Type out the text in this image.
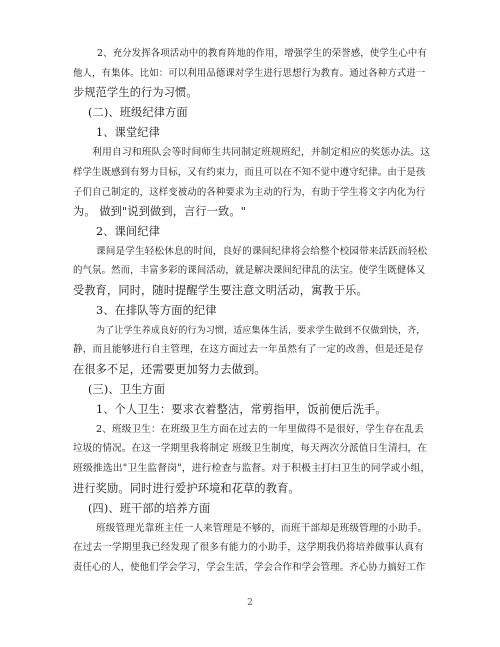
2、充分发挥各项活动中的教育阵地的作用，增强学生的荣誉感，使学生心中有
他人，有集体。比如：可以利用品德课对学生进行思想行为教育。通过各种方式进一
步规范学生的行为习惯。
(二)、班级纪律方面
1、课堂纪律
利用自习和班队会等时间师生共同制定班规班纪，并制定相应的奖惩办法。这
样学生既感到有努力目标，又有约束力，而且可以在不知不觉中遵守纪律。由于是孩
子们自己制定的，这样变被动的各种要求为主动的行为，有助于学生将文字内化为行
为。 做到"说到做到，言行一致。"
2、课间纪律
课间是学生轻松休息的时间，良好的课间纪律将会给整个校园带来活跃而轻松
的气氛。然而，丰富多彩的课间活动，就是解决课间纪律乱的法宝。使学生既健体又
受教育，同时，随时提醒学生要注意文明活动，寓教于乐。
3、在排队等方面的纪律
为了让学生养成良好的行为习惯，适应集体生活，要求学生做到不仅做到快，齐，
静，而且能够进行自主管理，在这方面过去一年虽然有了一定的改善，但是还是存
在很多不足，还需要更加努力去做到。
(三)、卫生方面
1、个人卫生：要求衣着整洁，常剪指甲，饭前便后洗手。
2、班级卫生：在班级卫生方面在过去的一年里做得不是很好，学生存在乱丢
垃圾的情况。在这一学期里我将制定 班级卫生制度，每天两次分派值日生清扫，在
班级推选出"卫生监督岗"，进行检查与监督。对于积极主打扫卫生的同学或小组，
进行奖励。同时进行爱护环境和花草的教育。
(四)、班干部的培养方面
班级管理光靠班主任一人来管理是不够的，而班干部却是班级管理的小助手。
在过去一学期里我已经发现了很多有能力的小助手，这学期我仍将培养做事认真有
责任心的人，使他们学会学习，学会生活，学会合作和学会管理。齐心协力搞好工作
2
